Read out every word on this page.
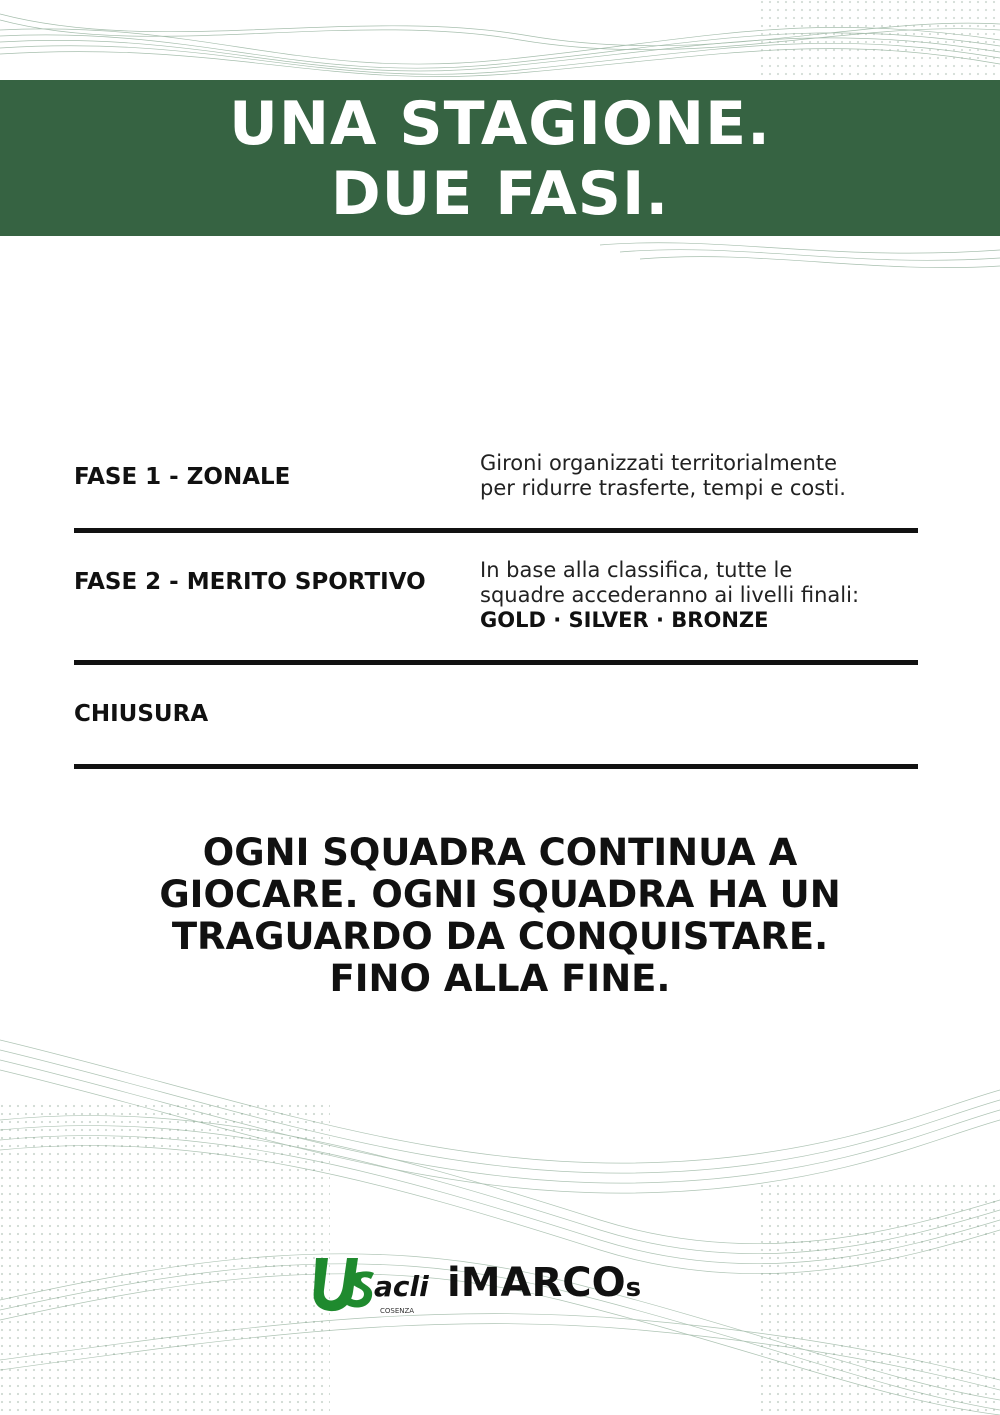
UNA STAGIONE.
DUE FASI.
FASE 1 - ZONALE
Gironi organizzati territorialmente
per ridurre trasferte, tempi e costi.
FASE 2 - MERITO SPORTIVO	In base alla classifica, tutte le
squadre accederanno ai livelli finali:
GOLD · SILVER · BRONZE
CHIUSURA
OGNI SQUADRA CONTINUA A
GIOCARE. OGNI SQUADRA HA UN
TRAGUARDO DA CONQUISTARE.
FINO ALLA FINE.
acli
COSENZA
iMARCOs
